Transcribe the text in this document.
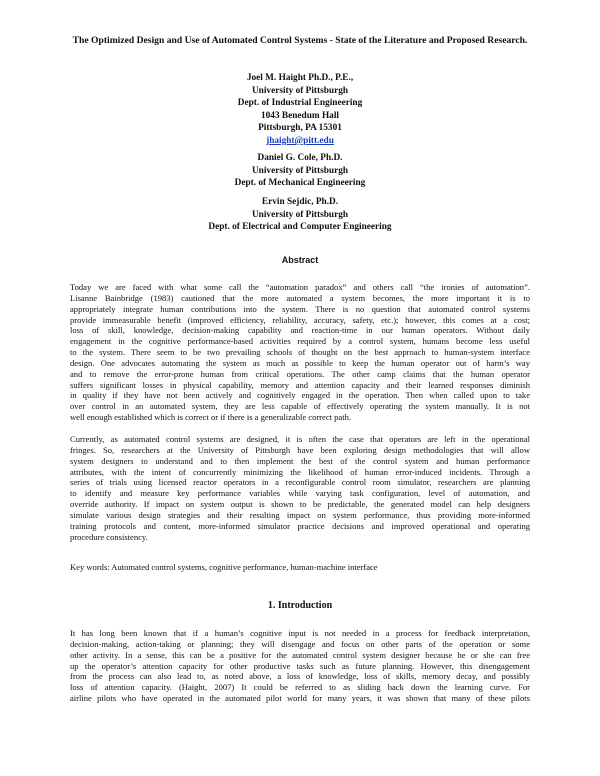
The Optimized Design and Use of Automated Control Systems - State of the Literature and Proposed Research.
Joel M. Haight Ph.D., P.E.,
University of Pittsburgh
Dept. of Industrial Engineering
1043 Benedum Hall
Pittsburgh, PA 15301
jhaight@pitt.edu
Daniel G. Cole, Ph.D.
University of Pittsburgh
Dept. of Mechanical Engineering
Ervin Sejdic, Ph.D.
University of Pittsburgh
Dept. of Electrical and Computer Engineering
Abstract
Today we are faced with what some call the “automation paradox” and others call “the ironies of automation”.
Lisanne Bainbridge (1983) cautioned that the more automated a system becomes, the more important it is to
appropriately integrate human contributions into the system. There is no question that automated control systems
provide immeasurable benefit (improved efficiency, reliability, accuracy, safety, etc.); however, this comes at a cost;
loss of skill, knowledge, decision-making capability and reaction-time in our human operators. Without daily
engagement in the cognitive performance-based activities required by a control system, humans become less useful
to the system. There seem to be two prevailing schools of thought on the best approach to human-system interface
design. One advocates automating the system as much as possible to keep the human operator out of harm’s way
and to remove the error-prone human from critical operations. The other camp claims that the human operator
suffers significant losses in physical capability, memory and attention capacity and their learned responses diminish
in quality if they have not been actively and cognitively engaged in the operation. Then when called upon to take
over control in an automated system, they are less capable of effectively operating the system manually. It is not
well enough established which is correct or if there is a generalizable correct path.
Currently, as automated control systems are designed, it is often the case that operators are left in the operational
fringes. So, researchers at the University of Pittsburgh have been exploring design methodologies that will allow
system designers to understand and to then implement the best of the control system and human performance
attributes, with the intent of concurrently minimizing the likelihood of human error-induced incidents. Through a
series of trials using licensed reactor operators in a reconfigurable control room simulator, researchers are planning
to identify and measure key performance variables while varying task configuration, level of automation, and
override authority. If impact on system output is shown to be predictable, the generated model can help designers
simulate various design strategies and their resulting impact on system performance, thus providing more-informed
training protocols and content, more-informed simulator practice decisions and improved operational and operating
procedure consistency.
Key words: Automated control systems, cognitive performance, human-machine interface
1. Introduction
It has long been known that if a human’s cognitive input is not needed in a process for feedback interpretation,
decision-making, action-taking or planning; they will disengage and focus on other parts of the operation or some
other activity. In a sense, this can be a positive for the automated control system designer because he or she can free
up the operator’s attention capacity for other productive tasks such as future planning. However, this disengagement
from the process can also lead to, as noted above, a loss of knowledge, loss of skills, memory decay, and possibly
loss of attention capacity. (Haight, 2007) It could be referred to as sliding back down the learning curve. For
airline pilots who have operated in the automated pilot world for many years, it was shown that many of these pilots
